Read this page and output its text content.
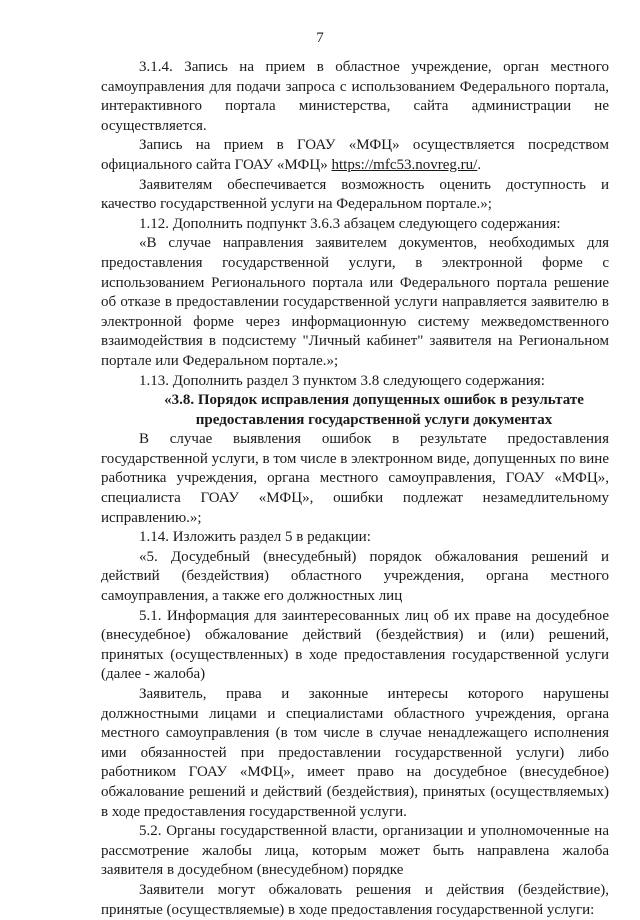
7

3.1.4. Запись на прием в областное учреждение, орган местного самоуправления для подачи запроса с использованием Федерального портала, интерактивного портала министерства, сайта администрации не осуществляется.

Запись на прием в ГОАУ «МФЦ» осуществляется посредством официального сайта ГОАУ «МФЦ» https://mfc53.novreg.ru/.

Заявителям обеспечивается возможность оценить доступность и качество государственной услуги на Федеральном портале.»;

1.12. Дополнить подпункт 3.6.3 абзацем следующего содержания:

«В случае направления заявителем документов, необходимых для предоставления государственной услуги, в электронной форме с использованием Регионального портала или Федерального портала решение об отказе в предоставлении государственной услуги направляется заявителю в электронной форме через информационную систему межведомственного взаимодействия в подсистему "Личный кабинет" заявителя на Региональном портале или Федеральном портале.»;

1.13. Дополнить раздел 3 пунктом 3.8 следующего содержания:

«3.8. Порядок исправления допущенных ошибок в результате предоставления государственной услуги документах

В случае выявления ошибок в результате предоставления государственной услуги, в том числе в электронном виде, допущенных по вине работника учреждения, органа местного самоуправления, ГОАУ «МФЦ», специалиста ГОАУ «МФЦ», ошибки подлежат незамедлительному исправлению.»;

1.14. Изложить раздел 5 в редакции:

«5. Досудебный (внесудебный) порядок обжалования решений и действий (бездействия) областного учреждения, органа местного самоуправления, а также его должностных лиц

5.1. Информация для заинтересованных лиц об их праве на досудебное (внесудебное) обжалование действий (бездействия) и (или) решений, принятых (осуществленных) в ходе предоставления государственной услуги (далее - жалоба)

Заявитель, права и законные интересы которого нарушены должностными лицами и специалистами областного учреждения, органа местного самоуправления (в том числе в случае ненадлежащего исполнения ими обязанностей при предоставлении государственной услуги) либо работником ГОАУ «МФЦ», имеет право на досудебное (внесудебное) обжалование решений и действий (бездействия), принятых (осуществляемых) в ходе предоставления государственной услуги.

5.2. Органы государственной власти, организации и уполномоченные на рассмотрение жалобы лица, которым может быть направлена жалоба заявителя в досудебном (внесудебном) порядке

Заявители могут обжаловать решения и действия (бездействие), принятые (осуществляемые) в ходе предоставления государственной услуги:
